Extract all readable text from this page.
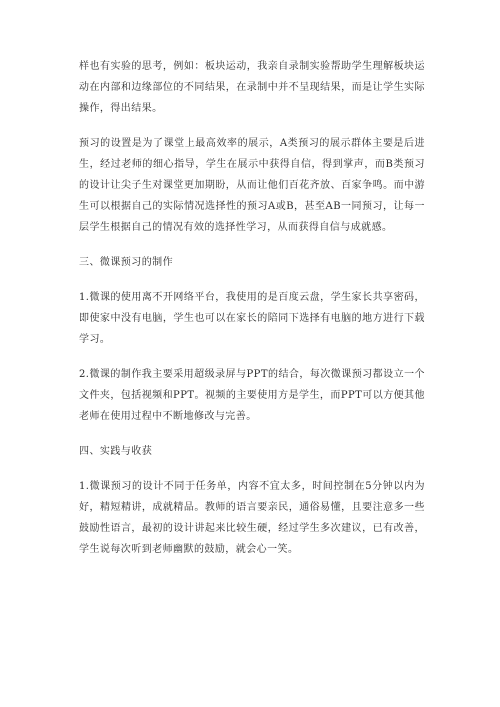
样也有实验的思考，例如：板块运动，我亲自录制实验帮助学生理解板块运动在内部和边缘部位的不同结果，在录制中并不呈现结果，而是让学生实际操作，得出结果。

预习的设置是为了课堂上最高效率的展示，A类预习的展示群体主要是后进生，经过老师的细心指导，学生在展示中获得自信，得到掌声，而B类预习的设计让尖子生对课堂更加期盼，从而让他们百花齐放、百家争鸣。而中游生可以根据自己的实际情况选择性的预习A或B，甚至AB一同预习，让每一层学生根据自己的情况有效的选择性学习，从而获得自信与成就感。

三、微课预习的制作

1.微课的使用离不开网络平台，我使用的是百度云盘，学生家长共享密码，即使家中没有电脑，学生也可以在家长的陪同下选择有电脑的地方进行下载学习。

2.微课的制作我主要采用超级录屏与PPT的结合，每次微课预习都设立一个文件夹，包括视频和PPT。视频的主要使用方是学生，而PPT可以方便其他老师在使用过程中不断地修改与完善。

四、实践与收获

1.微课预习的设计不同于任务单，内容不宜太多，时间控制在5分钟以内为好，精短精讲，成就精品。教师的语言要亲民，通俗易懂，且要注意多一些鼓励性语言，最初的设计讲起来比较生硬，经过学生多次建议，已有改善，学生说每次听到老师幽默的鼓励，就会心一笑。
